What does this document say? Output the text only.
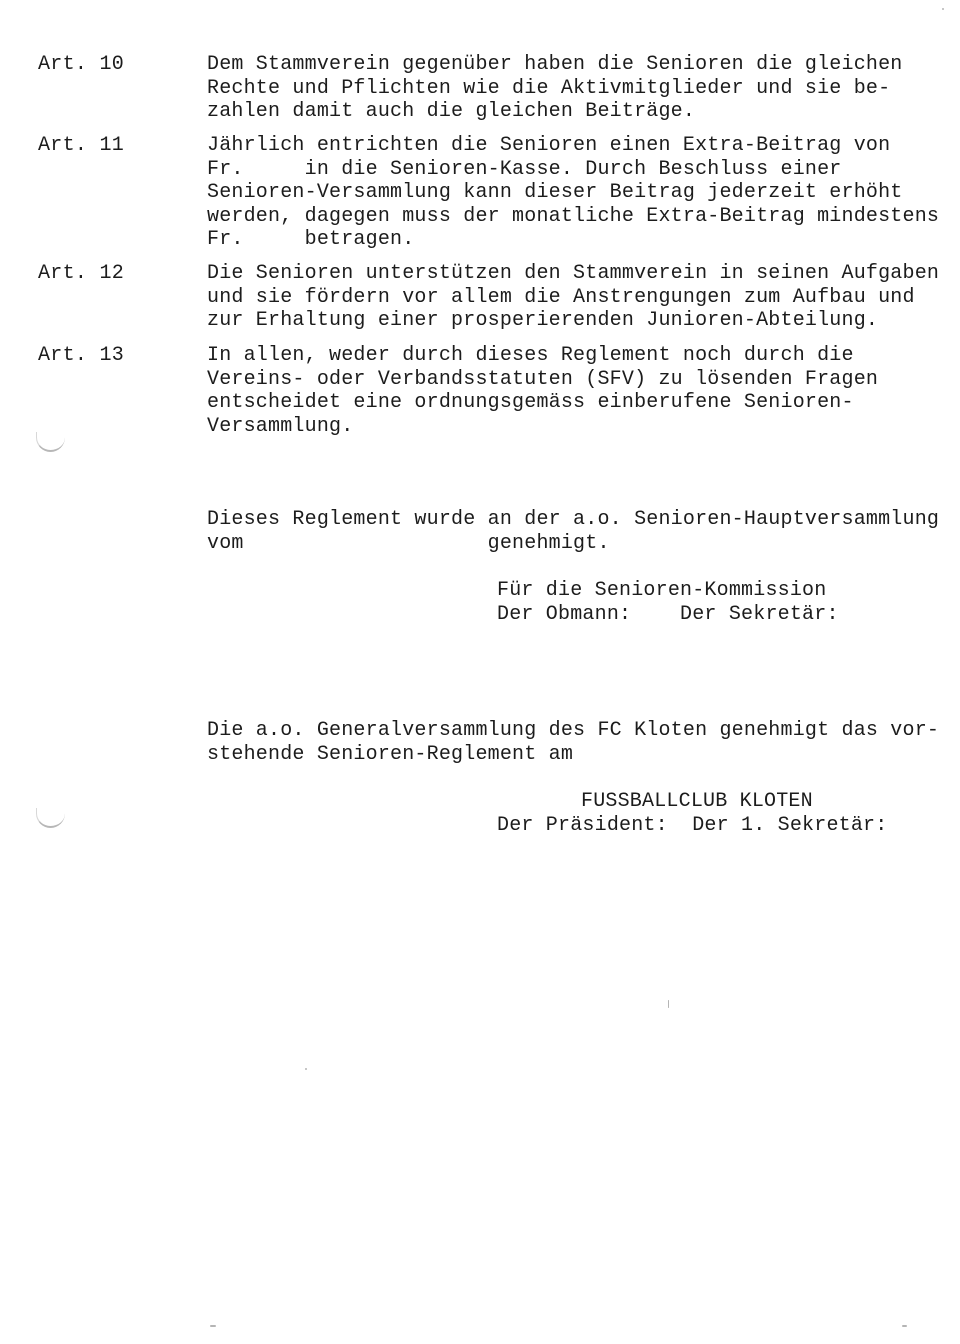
Art. 10	Dem Stammverein gegenüber haben die Senioren die gleichen
Rechte und Pflichten wie die Aktivmitglieder und sie be-
zahlen damit auch die gleichen Beiträge.
Art. 11	Jährlich entrichten die Senioren einen Extra-Beitrag von
Fr.     in die Senioren-Kasse. Durch Beschluss einer
Senioren-Versammlung kann dieser Beitrag jederzeit erhöht
werden, dagegen muss der monatliche Extra-Beitrag mindestens
Fr.     betragen.
Art. 12	Die Senioren unterstützen den Stammverein in seinen Aufgaben
und sie fördern vor allem die Anstrengungen zum Aufbau und
zur Erhaltung einer prosperierenden Junioren-Abteilung.
Art. 13	In allen, weder durch dieses Reglement noch durch die
Vereins- oder Verbandsstatuten (SFV) zu lösenden Fragen
entscheidet eine ordnungsgemäss einberufene Senioren-
Versammlung.
Dieses Reglement wurde an der a.o. Senioren-Hauptversammlung
vom                    genehmigt.
Für die Senioren-Kommission
Der Obmann:    Der Sekretär:
Die a.o. Generalversammlung des FC Kloten genehmigt das vor-
stehende Senioren-Reglement am
FUSSBALLCLUB KLOTEN
Der Präsident:  Der 1. Sekretär:
